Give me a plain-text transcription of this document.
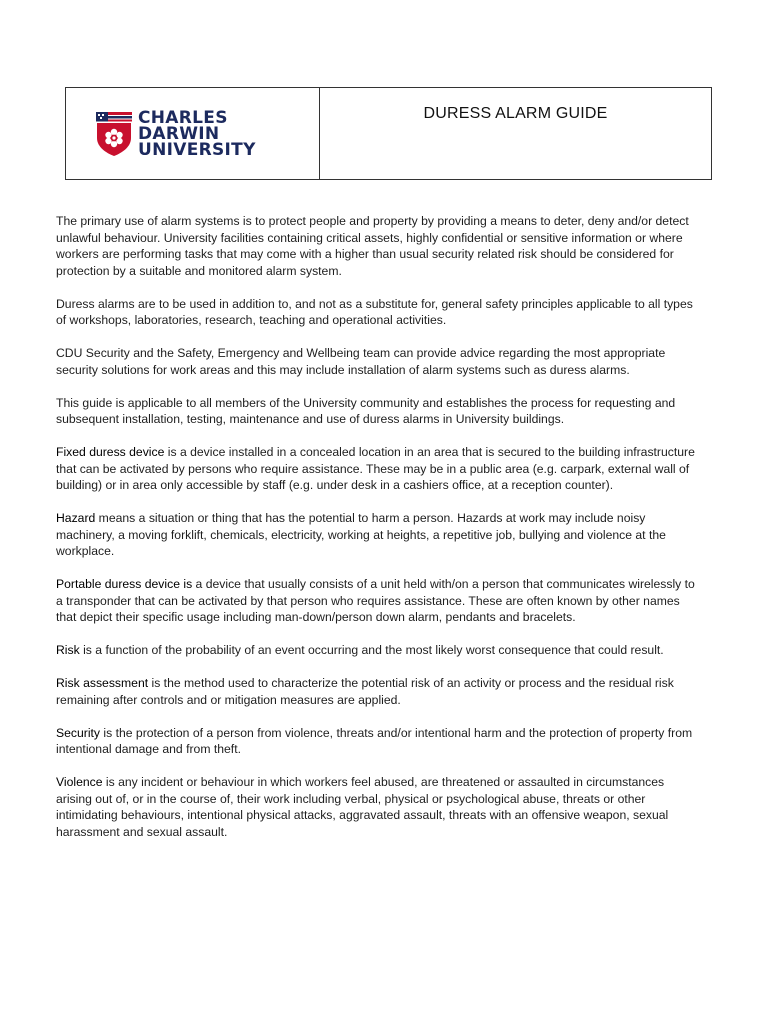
CHARLES
DARWIN
UNIVERSITY
DURESS ALARM GUIDE

The primary use of alarm systems is to protect people and property by providing a means to deter, deny and/or detect unlawful behaviour. University facilities containing critical assets, highly confidential or sensitive information or where workers are performing tasks that may come with a higher than usual security related risk should be considered for protection by a suitable and monitored alarm system.

Duress alarms are to be used in addition to, and not as a substitute for, general safety principles applicable to all types of workshops, laboratories, research, teaching and operational activities.

CDU Security and the Safety, Emergency and Wellbeing team can provide advice regarding the most appropriate security solutions for work areas and this may include installation of alarm systems such as duress alarms.

This guide is applicable to all members of the University community and establishes the process for requesting and subsequent installation, testing, maintenance and use of duress alarms in University buildings.

Fixed duress device is a device installed in a concealed location in an area that is secured to the building infrastructure that can be activated by persons who require assistance. These may be in a public area (e.g. carpark, external wall of building) or in area only accessible by staff (e.g. under desk in a cashiers office, at a reception counter).

Hazard means a situation or thing that has the potential to harm a person. Hazards at work may include noisy machinery, a moving forklift, chemicals, electricity, working at heights, a repetitive job, bullying and violence at the workplace.

Portable duress device is a device that usually consists of a unit held with/on a person that communicates wirelessly to a transponder that can be activated by that person who requires assistance. These are often known by other names that depict their specific usage including man-down/person down alarm, pendants and bracelets.

Risk is a function of the probability of an event occurring and the most likely worst consequence that could result.

Risk assessment is the method used to characterize the potential risk of an activity or process and the residual risk remaining after controls and or mitigation measures are applied.

Security is the protection of a person from violence, threats and/or intentional harm and the protection of property from intentional damage and from theft.

Violence is any incident or behaviour in which workers feel abused, are threatened or assaulted in circumstances arising out of, or in the course of, their work including verbal, physical or psychological abuse, threats or other intimidating behaviours, intentional physical attacks, aggravated assault, threats with an offensive weapon, sexual harassment and sexual assault.
